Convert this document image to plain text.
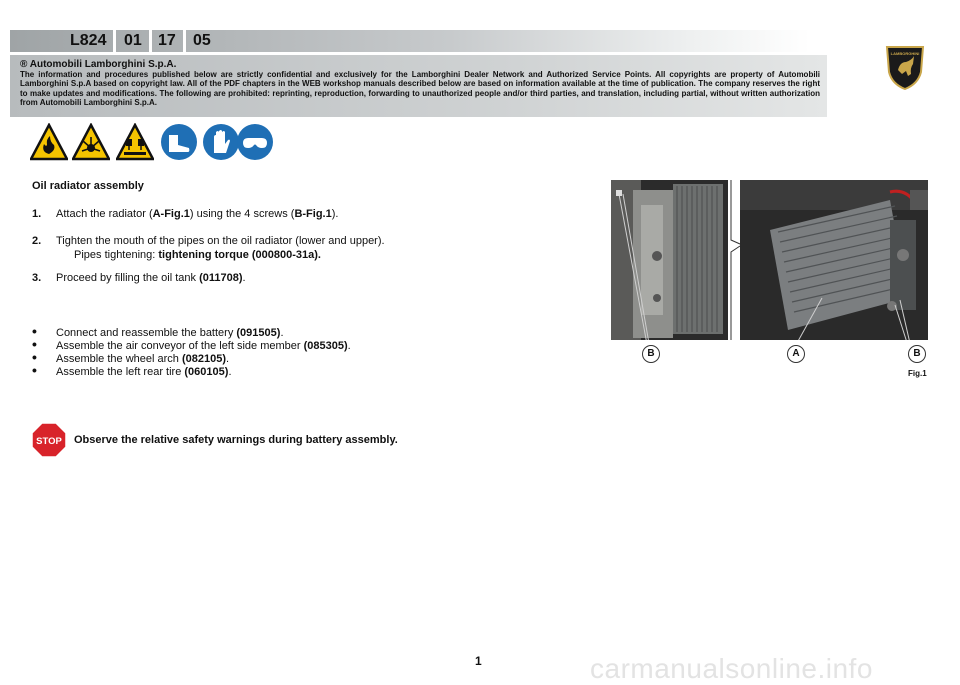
L824 01 17 05
LAMBORGHINI
® Automobili Lamborghini S.p.A.
The information and procedures published below are strictly confidential and exclusively for the Lamborghini Dealer Network and Authorized Service Points. All copyrights are property of Automobili Lamborghini S.p.A based on copyright law. All of the PDF chapters in the WEB workshop manuals described below are based on information available at the time of publication. The company reserves the right to make updates and modifications. The following are prohibited: reprinting, reproduction, forwarding to unauthorized people and/or third parties, and translation, including partial, without written authorization from Automobili Lamborghini S.p.A.
Oil radiator assembly
1. Attach the radiator (A-Fig.1) using the 4 screws (B-Fig.1).
2. Tighten the mouth of the pipes on the oil radiator (lower and upper).
Pipes tightening: tightening torque (000800-31a).
3. Proceed by filling the oil tank (011708).
• Connect and reassemble the battery (091505).
• Assemble the air conveyor of the left side member (085305).
• Assemble the wheel arch (082105).
• Assemble the left rear tire (060105).
B	A	B
Fig.1
STOP Observe the relative safety warnings during battery assembly.
1	carmanualsonline.info
